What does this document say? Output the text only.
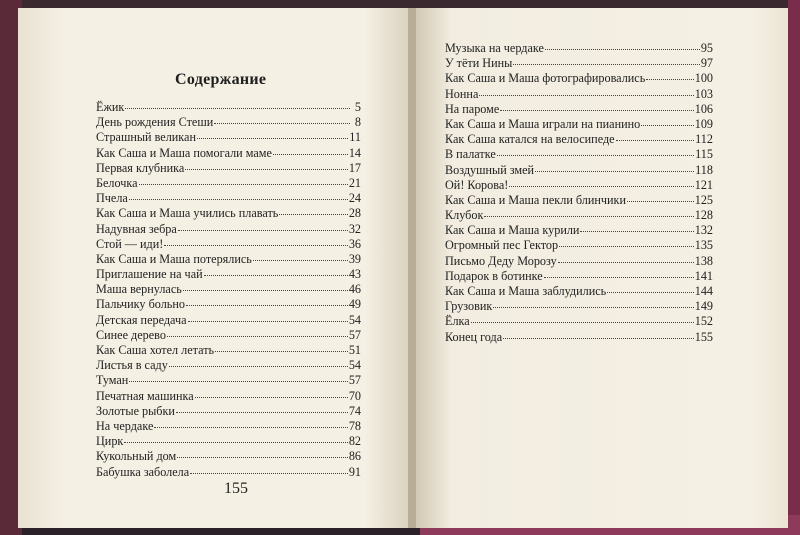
Содержание
Ёжик	5
День рождения Стеши	8
Страшный великан	11
Как Саша и Маша помогали маме	14
Первая клубника	17
Белочка	21
Пчела	24
Как Саша и Маша учились плавать	28
Надувная зебра	32
Стой — иди!	36
Как Саша и Маша потерялись	39
Приглашение на чай	43
Маша вернулась	46
Пальчику больно	49
Детская передача	54
Синее дерево	57
Как Саша хотел летать	51
Листья в саду	54
Туман	57
Печатная машинка	70
Золотые рыбки	74
На чердаке	78
Цирк	82
Кукольный дом	86
Бабушка заболела	91
Музыка на чердаке	95
У тёти Нины	97
Как Саша и Маша фотографировались	100
Нонна	103
На пароме	106
Как Саша и Маша играли на пианино	109
Как Саша катался на велосипеде	112
В палатке	115
Воздушный змей	118
Ой! Корова!	121
Как Саша и Маша пекли блинчики	125
Клубок	128
Как Саша и Маша курили	132
Огромный пес Гектор	135
Письмо Деду Морозу	138
Подарок в ботинке	141
Как Саша и Маша заблудились	144
Грузовик	149
Ёлка	152
Конец года	155
155
